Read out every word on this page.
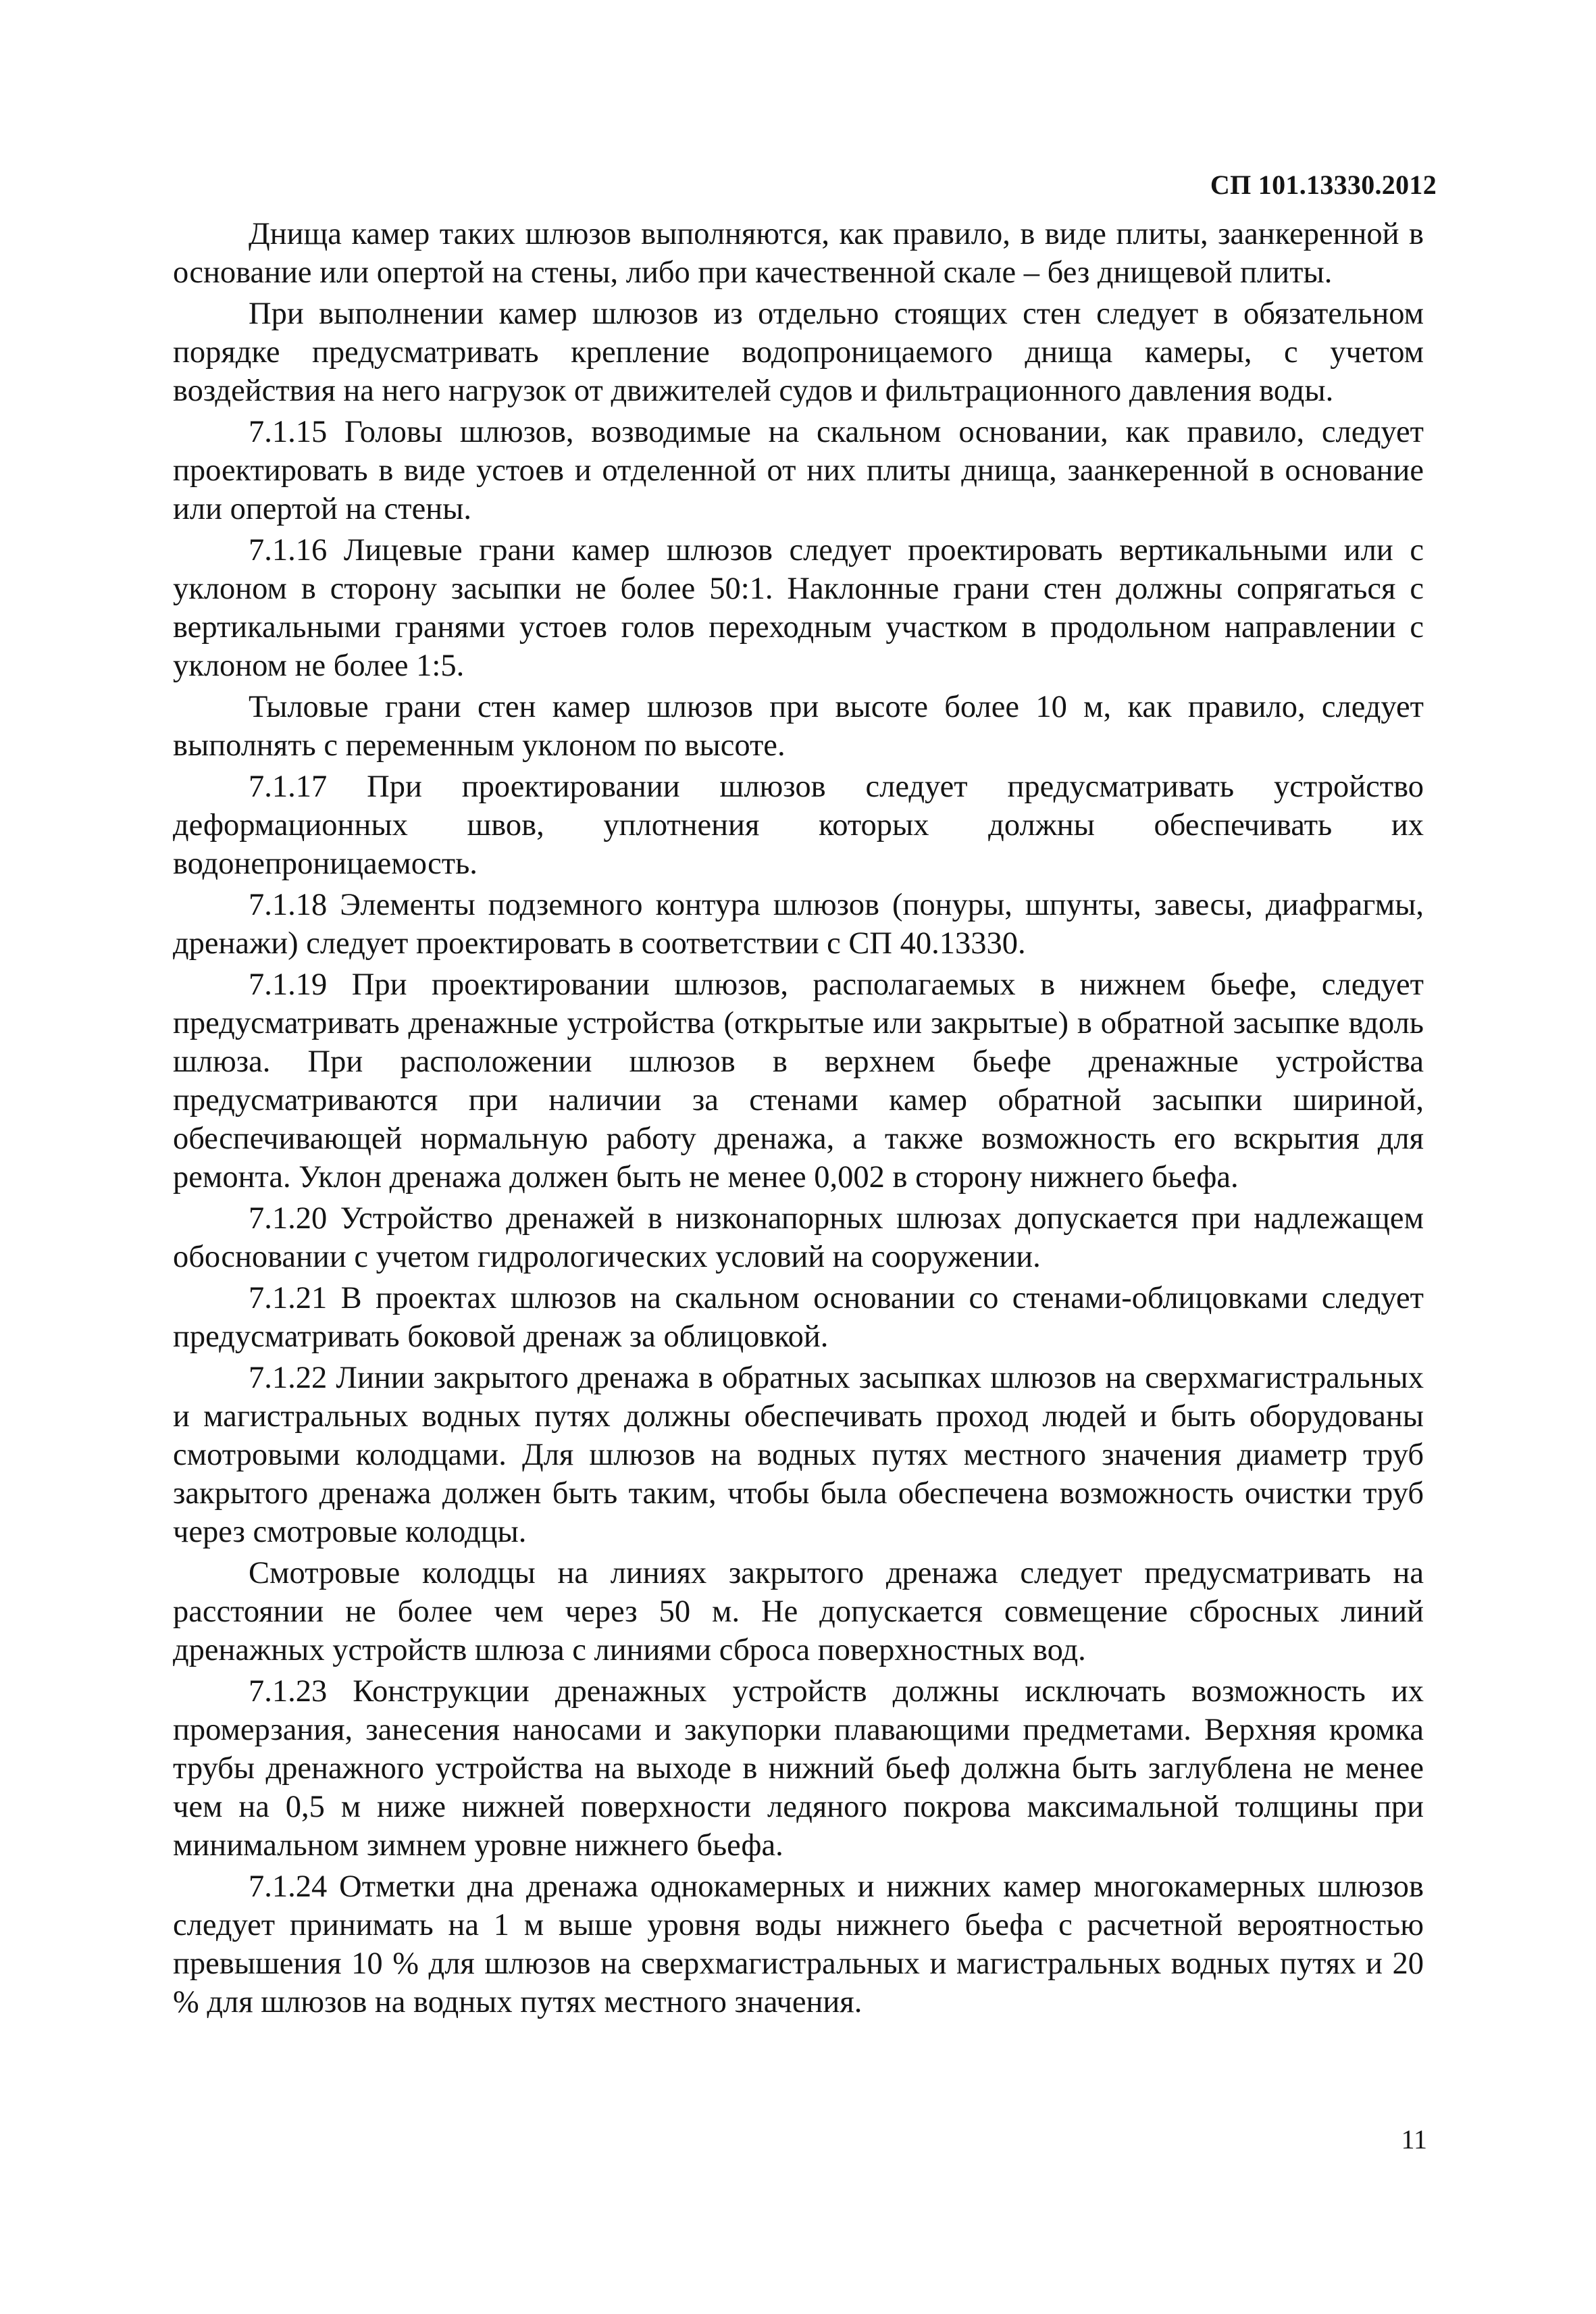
СП 101.13330.2012

Днища камер таких шлюзов выполняются, как правило, в виде плиты, заанкеренной в основание или опертой на стены, либо при качественной скале – без днищевой плиты.

При выполнении камер шлюзов из отдельно стоящих стен следует в обязательном порядке предусматривать крепление водопроницаемого днища камеры, с учетом воздействия на него нагрузок от движителей судов и фильтрационного давления воды.

7.1.15 Головы шлюзов, возводимые на скальном основании, как правило, следует проектировать в виде устоев и отделенной от них плиты днища, заанкеренной в основание или опертой на стены.

7.1.16 Лицевые грани камер шлюзов следует проектировать вертикальными или с уклоном в сторону засыпки не более 50:1. Наклонные грани стен должны сопрягаться с вертикальными гранями устоев голов переходным участком в продольном направлении с уклоном не более 1:5.

Тыловые грани стен камер шлюзов при высоте более 10 м, как правило, следует выполнять с переменным уклоном по высоте.

7.1.17 При проектировании шлюзов следует предусматривать устройство деформационных швов, уплотнения которых должны обеспечивать их водонепроницаемость.

7.1.18 Элементы подземного контура шлюзов (понуры, шпунты, завесы, диафрагмы, дренажи) следует проектировать в соответствии с СП 40.13330.

7.1.19 При проектировании шлюзов, располагаемых в нижнем бьефе, следует предусматривать дренажные устройства (открытые или закрытые) в обратной засыпке вдоль шлюза. При расположении шлюзов в верхнем бьефе дренажные устройства предусматриваются при наличии за стенами камер обратной засыпки шириной, обеспечивающей нормальную работу дренажа, а также возможность его вскрытия для ремонта. Уклон дренажа должен быть не менее 0,002 в сторону нижнего бьефа.

7.1.20 Устройство дренажей в низконапорных шлюзах допускается при надлежащем обосновании с учетом гидрологических условий на сооружении.

7.1.21 В проектах шлюзов на скальном основании со стенами-облицовками следует предусматривать боковой дренаж за облицовкой.

7.1.22 Линии закрытого дренажа в обратных засыпках шлюзов на сверхмагистральных и магистральных водных путях должны обеспечивать проход людей и быть оборудованы смотровыми колодцами. Для шлюзов на водных путях местного значения диаметр труб закрытого дренажа должен быть таким, чтобы была обеспечена возможность очистки труб через смотровые колодцы.

Смотровые колодцы на линиях закрытого дренажа следует предусматривать на расстоянии не более чем через 50 м. Не допускается совмещение сбросных линий дренажных устройств шлюза с линиями сброса поверхностных вод.

7.1.23 Конструкции дренажных устройств должны исключать возможность их промерзания, занесения наносами и закупорки плавающими предметами. Верхняя кромка трубы дренажного устройства на выходе в нижний бьеф должна быть заглублена не менее чем на 0,5 м ниже нижней поверхности ледяного покрова максимальной толщины при минимальном зимнем уровне нижнего бьефа.

7.1.24 Отметки дна дренажа однокамерных и нижних камер многокамерных шлюзов следует принимать на 1 м выше уровня воды нижнего бьефа с расчетной вероятностью превышения 10 % для шлюзов на сверхмагистральных и магистральных водных путях и 20 % для шлюзов на водных путях местного значения.

11
